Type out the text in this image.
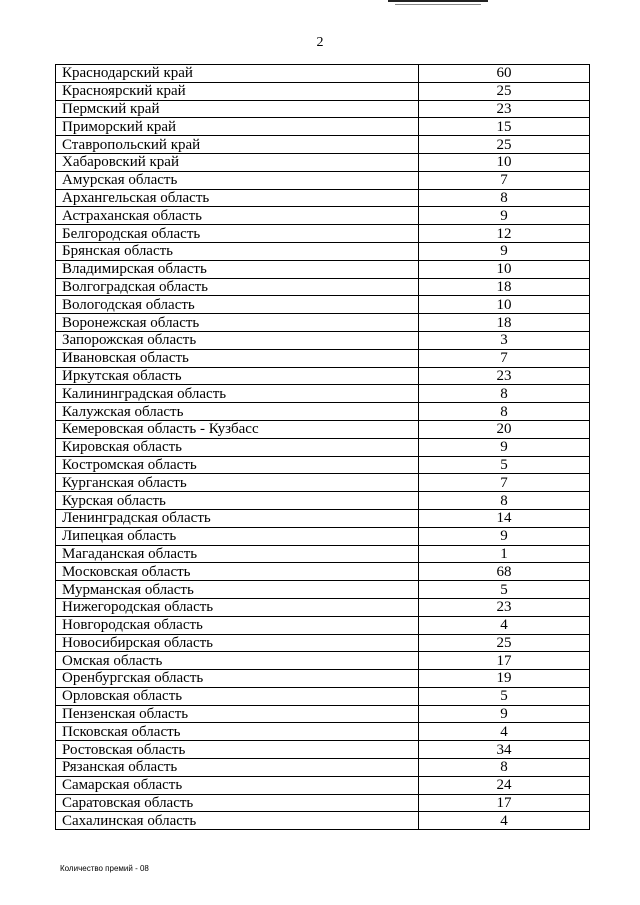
2
Краснодарский край	60
Красноярский край	25
Пермский край	23
Приморский край	15
Ставропольский край	25
Хабаровский край	10
Амурская область	7
Архангельская область	8
Астраханская область	9
Белгородская область	12
Брянская область	9
Владимирская область	10
Волгоградская область	18
Вологодская область	10
Воронежская область	18
Запорожская область	3
Ивановская область	7
Иркутская область	23
Калининградская область	8
Калужская область	8
Кемеровская область - Кузбасс	20
Кировская область	9
Костромская область	5
Курганская область	7
Курская область	8
Ленинградская область	14
Липецкая область	9
Магаданская область	1
Московская область	68
Мурманская область	5
Нижегородская область	23
Новгородская область	4
Новосибирская область	25
Омская область	17
Оренбургская область	19
Орловская область	5
Пензенская область	9
Псковская область	4
Ростовская область	34
Рязанская область	8
Самарская область	24
Саратовская область	17
Сахалинская область	4
Количество премий - 08
